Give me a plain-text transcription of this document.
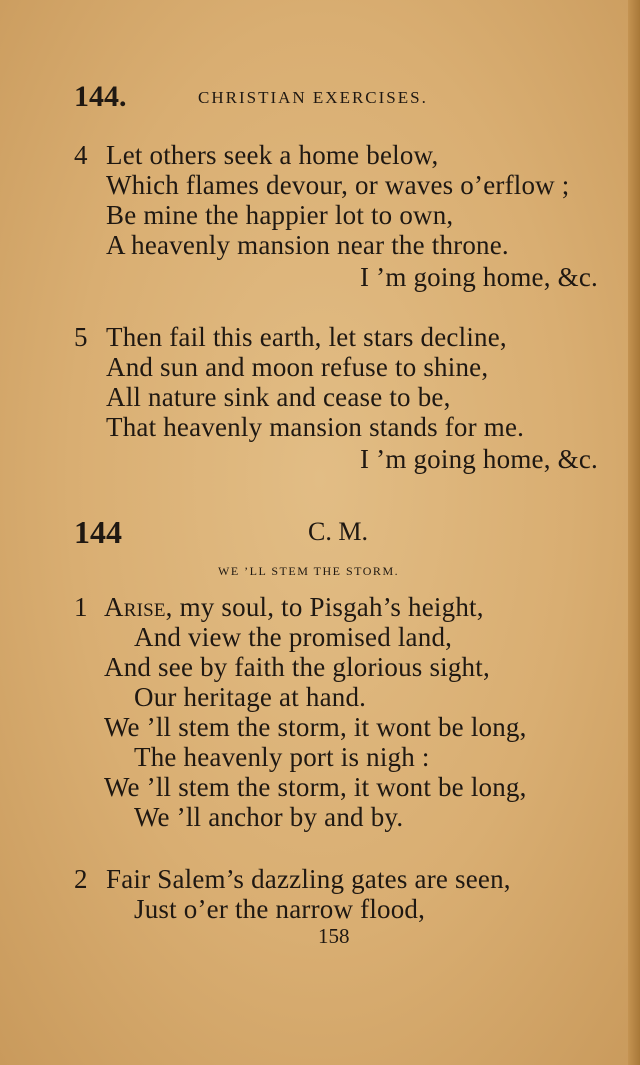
144.	CHRISTIAN EXERCISES.
4 Let others seek a home below,
Which flames devour, or waves o’erflow ;
Be mine the happier lot to own,
A heavenly mansion near the throne.
I ’m going home, &c.
5 Then fail this earth, let stars decline,
And sun and moon refuse to shine,
All nature sink and cease to be,
That heavenly mansion stands for me.
I ’m going home, &c.
144	C. M.
WE ’LL STEM THE STORM.
1 Arise, my soul, to Pisgah’s height,
And view the promised land,
And see by faith the glorious sight,
Our heritage at hand.
We ’ll stem the storm, it wont be long,
The heavenly port is nigh :
We ’ll stem the storm, it wont be long,
We ’ll anchor by and by.
2 Fair Salem’s dazzling gates are seen,
Just o’er the narrow flood,
158
